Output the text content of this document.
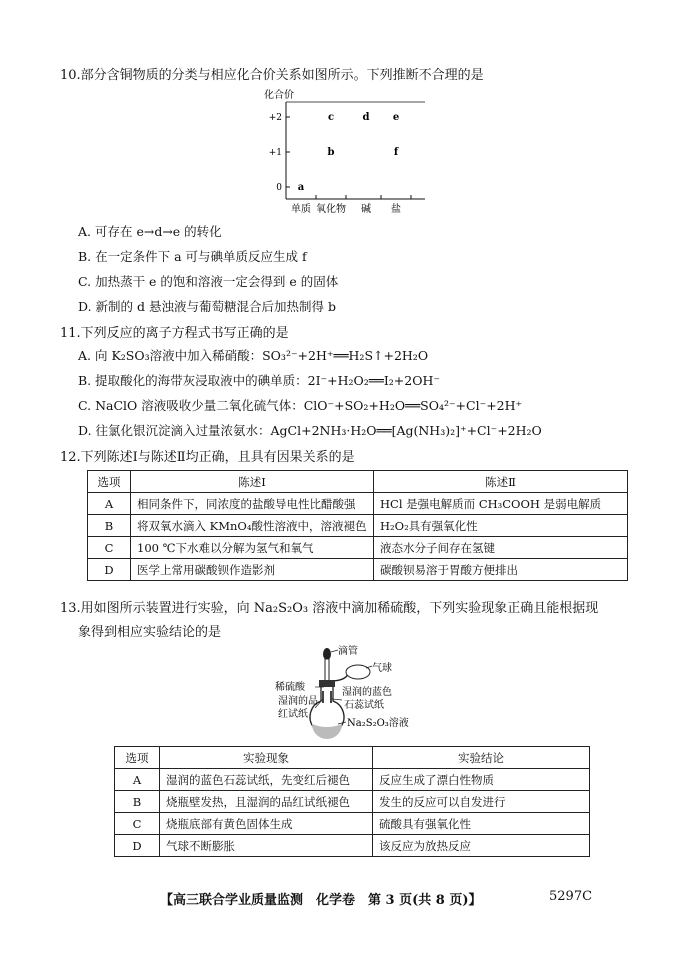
10.部分含铜物质的分类与相应化合价关系如图所示。下列推断不合理的是
化合价
+2
+1
0
单质 氧化物 碱 盐
a
b
c	d e
f
A. 可存在 e→d→e 的转化
B. 在一定条件下 a 可与碘单质反应生成 f
C. 加热蒸干 e 的饱和溶液一定会得到 e 的固体
D. 新制的 d 悬浊液与葡萄糖混合后加热制得 b
11.下列反应的离子方程式书写正确的是
A. 向 K₂SO₃溶液中加入稀硝酸：SO₃²⁻+2H⁺══H₂S↑+2H₂O
B. 提取酸化的海带灰浸取液中的碘单质：2I⁻+H₂O₂══I₂+2OH⁻
C. NaClO 溶液吸收少量二氧化硫气体：ClO⁻+SO₂+H₂O══SO₄²⁻+Cl⁻+2H⁺
D. 往氯化银沉淀滴入过量浓氨水：AgCl+2NH₃·H₂O══[Ag(NH₃)₂]⁺+Cl⁻+2H₂O
12.下列陈述Ⅰ与陈述Ⅱ均正确，且具有因果关系的是
选项	陈述Ⅰ	陈述Ⅱ
A	相同条件下，同浓度的盐酸导电性比醋酸强	HCl 是强电解质而 CH₃COOH 是弱电解质
B	将双氧水滴入 KMnO₄酸性溶液中，溶液褪色	H₂O₂具有强氧化性
C	100 ℃下水难以分解为氢气和氧气	液态水分子间存在氢键
D	医学上常用碳酸钡作造影剂	碳酸钡易溶于胃酸方便排出
13.用如图所示装置进行实验，向 Na₂S₂O₃ 溶液中滴加稀硫酸，下列实验现象正确且能根据现
象得到相应实验结论的是
滴管
气球
稀硫酸
湿润的品
红试纸
湿润的蓝色
石蕊试纸
Na₂S₂O₃溶液
选项	实验现象	实验结论
A	湿润的蓝色石蕊试纸，先变红后褪色	反应生成了漂白性物质
B	烧瓶壁发热，且湿润的品红试纸褪色	发生的反应可以自发进行
C	烧瓶底部有黄色固体生成	硫酸具有强氧化性
D	气球不断膨胀	该反应为放热反应
【高三联合学业质量监测　化学卷　第 3 页(共 8 页)】	5297C
